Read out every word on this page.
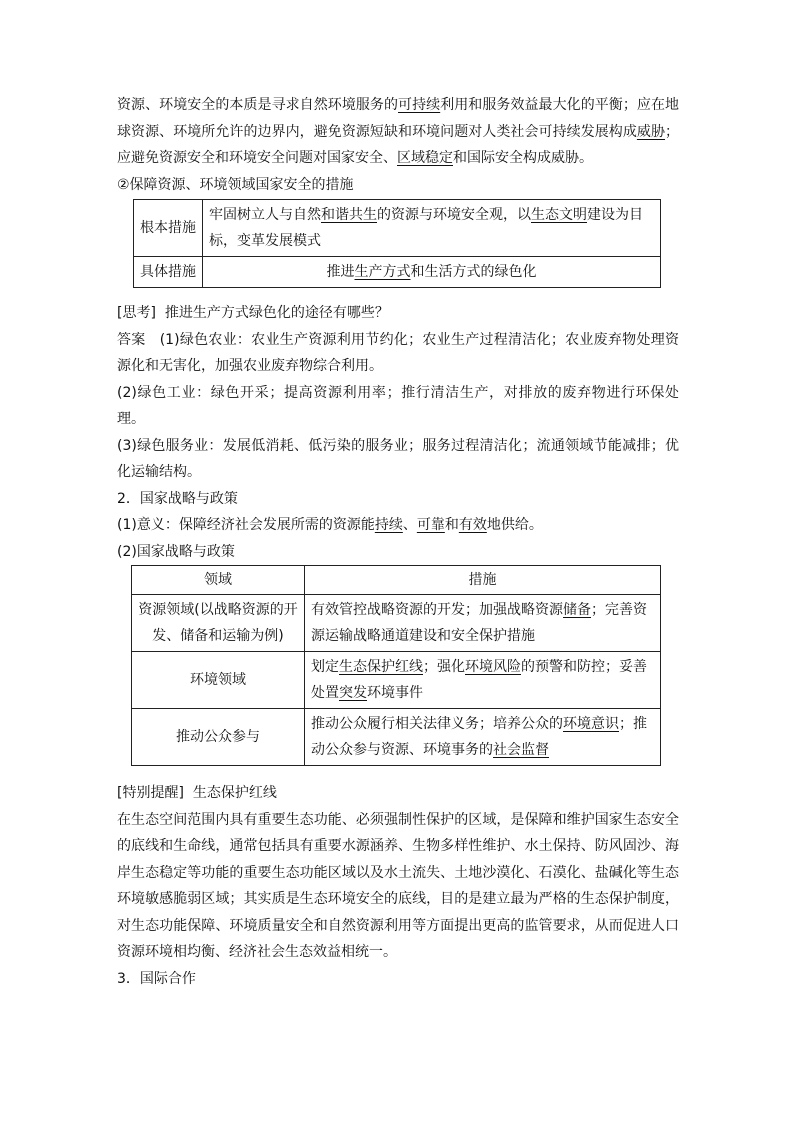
资源、环境安全的本质是寻求自然环境服务的可持续利用和服务效益最大化的平衡；应在地球资源、环境所允许的边界内，避免资源短缺和环境问题对人类社会可持续发展构成威胁；应避免资源安全和环境安全问题对国家安全、区域稳定和国际安全构成威胁。

②保障资源、环境领域国家安全的措施

根本措施	牢固树立人与自然和谐共生的资源与环境安全观，以生态文明建设为目标，变革发展模式
具体措施	推进生产方式和生活方式的绿色化

[思考] 推进生产方式绿色化的途径有哪些？

答案 (1)绿色农业：农业生产资源利用节约化；农业生产过程清洁化；农业废弃物处理资源化和无害化，加强农业废弃物综合利用。

(2)绿色工业：绿色开采；提高资源利用率；推行清洁生产，对排放的废弃物进行环保处理。

(3)绿色服务业：发展低消耗、低污染的服务业；服务过程清洁化；流通领域节能减排；优化运输结构。

2．国家战略与政策

(1)意义：保障经济社会发展所需的资源能持续、可靠和有效地供给。

(2)国家战略与政策

领域	措施
资源领域(以战略资源的开发、储备和运输为例)	有效管控战略资源的开发；加强战略资源储备；完善资源运输战略通道建设和安全保护措施
环境领域	划定生态保护红线；强化环境风险的预警和防控；妥善处置突发环境事件
推动公众参与	推动公众履行相关法律义务；培养公众的环境意识；推动公众参与资源、环境事务的社会监督

[特别提醒] 生态保护红线

在生态空间范围内具有重要生态功能、必须强制性保护的区域，是保障和维护国家生态安全的底线和生命线，通常包括具有重要水源涵养、生物多样性维护、水土保持、防风固沙、海岸生态稳定等功能的重要生态功能区域以及水土流失、土地沙漠化、石漠化、盐碱化等生态环境敏感脆弱区域；其实质是生态环境安全的底线，目的是建立最为严格的生态保护制度，对生态功能保障、环境质量安全和自然资源利用等方面提出更高的监管要求，从而促进人口资源环境相均衡、经济社会生态效益相统一。

3．国际合作
